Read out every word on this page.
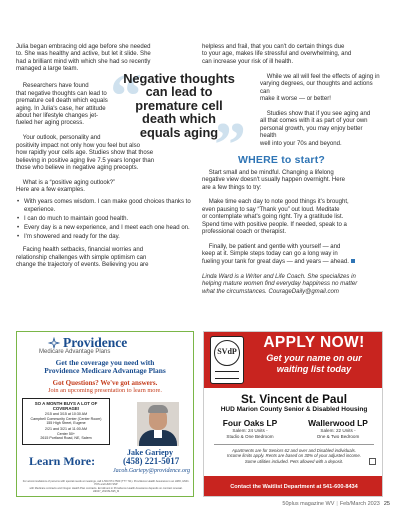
Julia began embracing old age before she needed
to. She was healthy and active, but let it slide. She
had a brilliant mind with which she had so recently
managed a large team.

Researchers have found
that negative thoughts can lead to
premature cell death which equals
aging. In Julia's case, her attitude
about her lifestyle changes jet-
fueled her aging process.

Your outlook, personality and
positivity impact not only how you feel but also
how rapidly your cells age. Studies show that those
believing in positive aging live 7.5 years longer than
those who believe in negative aging precepts.

What is a “positive aging outlook?”
Here are a few examples.

• With years comes wisdom. I can make good choices thanks to experience.
• I can do much to maintain good health.
• Every day is a new experience, and I meet each one head on.
• I'm showered and ready for the day.

Facing health setbacks, financial worries and
relationship challenges with simple optimism can
change the trajectory of events. Believing you are

“
Negative thoughts
can lead to
premature cell
death which
equals aging
”

helpless and frail, that you can't do certain things due
to your age, makes life stressful and overwhelming, and
can increase your risk of ill health.

While we all will feel the effects of aging in
varying degrees, our thoughts and actions can
make it worse — or better!

Studies show that if you see aging and
all that comes with it as part of your own
personal growth, you may enjoy better health
well into your 70s and beyond.

WHERE to start?

Start small and be mindful. Changing a lifelong
negative view doesn't usually happen overnight. Here
are a few things to try:

Make time each day to note good things it's brought,
even pausing to say “Thank you” out loud. Meditate
or contemplate what's going right. Try a gratitude list.
Spend time with positive people. If needed, speak to a
professional coach or therapist.

Finally, be patient and gentle with yourself — and
keep at it. Simple steps today can go a long way in
fueling your tank for great days — and years — ahead.

Linda Ward is a Writer and Life Coach. She specializes in
helping mature women find everyday happiness no matter
what the circumstances. CourageDaily@gmail.com

Providence
Medicare Advantage Plans
Get the coverage you need with
Providence Medicare Advantage Plans
Got Questions? We've got answers.
Join an upcoming presentation to learn more.
SO A MONTH BUYS A LOT OF COVERAGE!
2/15 and 3/15 at 10:30 AM
Campbell Community Center (Center Room)
155 High Street, Eugene
2/21 and 3/21 at 11:00 AM
Center 50+
2615 Portland Road, NE, Salem
Learn More:
Jake Gariepy
(458) 221-5017
Jacob.Gariepy@providence.org
For accommodations of persons with special needs at meetings, call 1-503-574-7500 (TTY 711). Providence Health Assurance is an HMO, HMO-POS and HMO SNP
with Medicare contracts and Oregon Health Plan contracts. Enrollment in Providence Health Assurance depends on contract renewal. H9047_2023SLS95_M
SVdP
APPLY NOW!
Get your name on our
waiting list today
St. Vincent de Paul
HUD Marion County Senior & Disabled Housing
Four Oaks LP
Salem: 24 Units -
Studio & One Bedroom
Wallerwood LP
Salem: 22 Units -
One & Two Bedroom
Apartments are for Seniors 62 and over and Disabled individuals.
Income limits apply. Rents are based on 30% of your adjusted income.
Some utilities included. Pets allowed with a deposit.
Contact the Waitlist Department at 541-600-8434
50plus magazine WV | Feb/March 2023 25
